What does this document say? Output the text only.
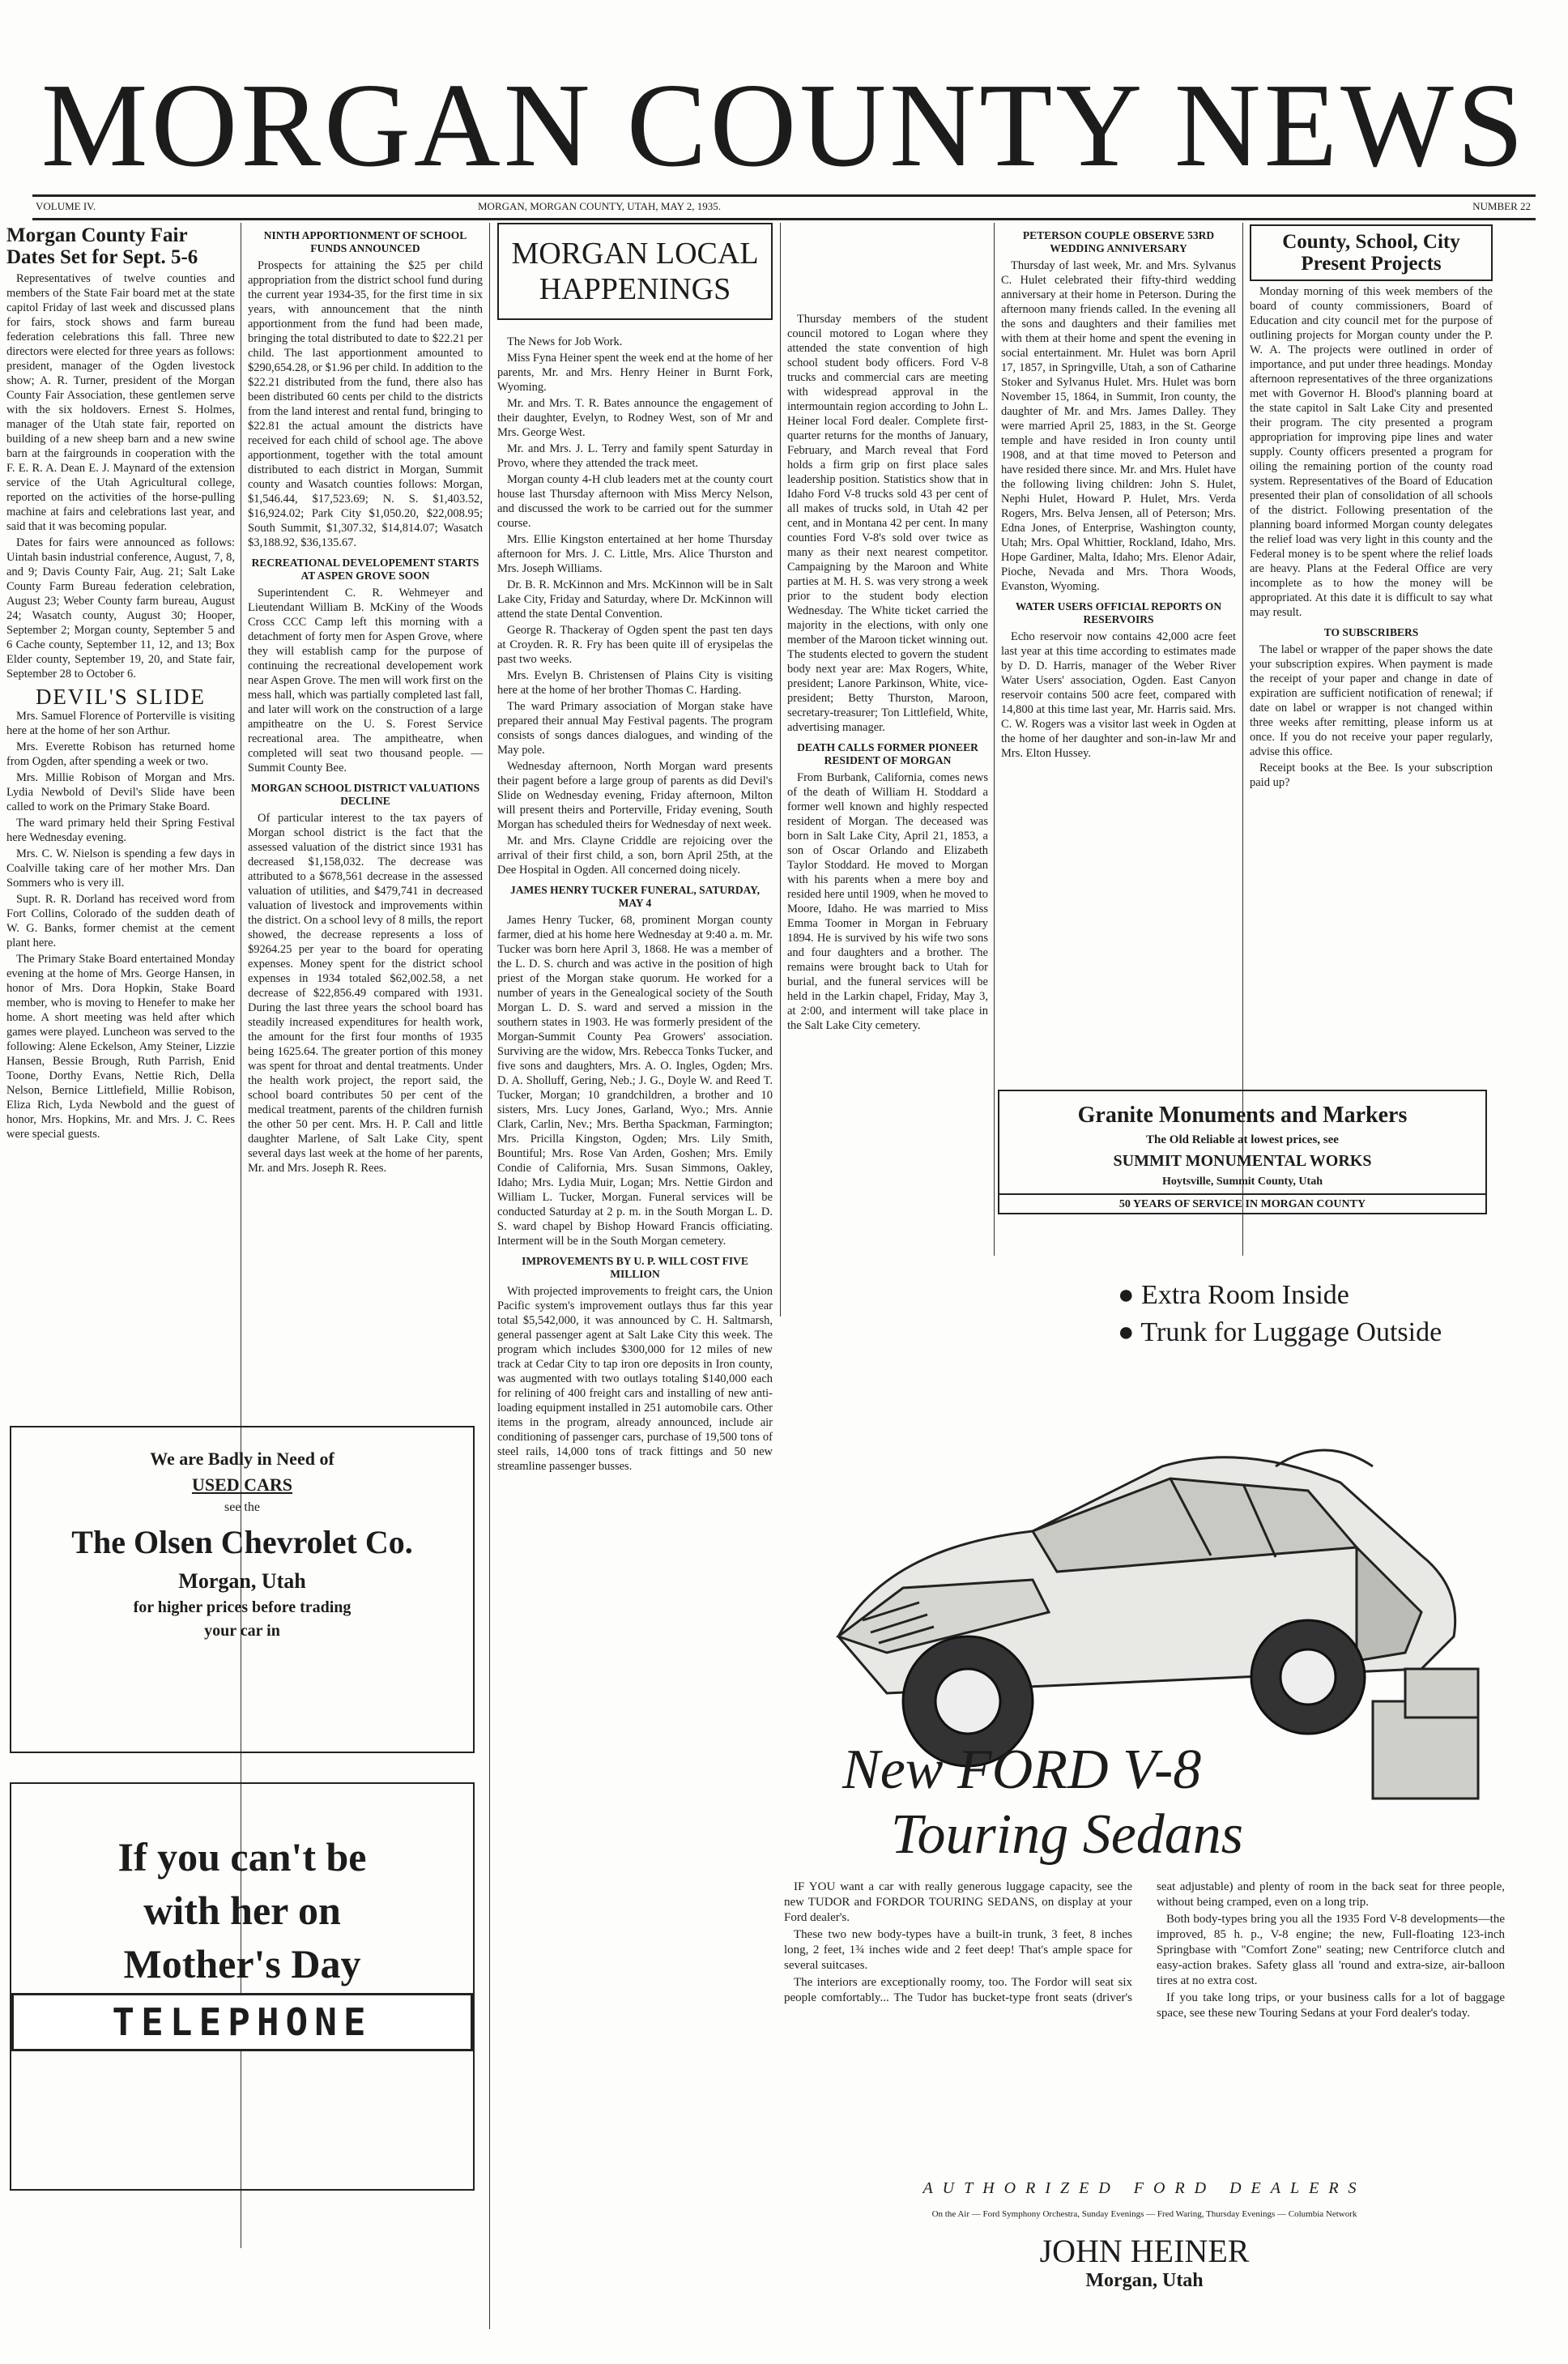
MORGAN COUNTY NEWS
VOLUME IV.	MORGAN, MORGAN COUNTY, UTAH, MAY 2, 1935.	NUMBER 22
Morgan County Fair Dates Set for Sept. 5-6

Representatives of twelve counties and members of the State Fair board met at the state capitol Friday of last week and discussed plans for fairs, stock shows and farm bureau federation celebrations this fall. Three new directors were elected for three years as follows: president, manager of the Ogden livestock show; A. R. Turner, president of the Morgan County Fair Association, these gentlemen serve with the six holdovers. Ernest S. Holmes, manager of the Utah state fair, reported on building of a new sheep barn and a new swine barn at the fairgrounds in cooperation with the F. E. R. A. Dean E. J. Maynard of the extension service of the Utah Agricultural college, reported on the activities of the horse-pulling machine at fairs and celebrations last year, and said that it was becoming popular.

Dates for fairs were announced as follows: Uintah basin industrial conference, August, 7, 8, and 9; Davis County Fair, Aug. 21; Salt Lake County Farm Bureau federation celebration, August 23; Weber County farm bureau, August 24; Wasatch county, August 30; Hooper, September 2; Morgan county, September 5 and 6 Cache county, September 11, 12, and 13; Box Elder county, September 19, 20, and State fair, September 28 to October 6.

DEVIL'S SLIDE

Mrs. Samuel Florence of Porterville is visiting here at the home of her son Arthur.

Mrs. Everette Robison has returned home from Ogden, after spending a week or two.

Mrs. Millie Robison of Morgan and Mrs. Lydia Newbold of Devil's Slide have been called to work on the Primary Stake Board.

The ward primary held their Spring Festival here Wednesday evening.

Mrs. C. W. Nielson is spending a few days in Coalville taking care of her mother Mrs. Dan Sommers who is very ill.

Supt. R. R. Dorland has received word from Fort Collins, Colorado of the sudden death of W. G. Banks, former chemist at the cement plant here.

The Primary Stake Board entertained Monday evening at the home of Mrs. George Hansen, in honor of Mrs. Dora Hopkin, Stake Board member, who is moving to Henefer to make her home. A short meeting was held after which games were played. Luncheon was served to the following: Alene Eckelson, Amy Steiner, Lizzie Hansen, Bessie Brough, Ruth Parrish, Enid Toone, Dorthy Evans, Nettie Rich, Della Nelson, Bernice Littlefield, Millie Robison, Eliza Rich, Lyda Newbold and the guest of honor, Mrs. Hopkins, Mr. and Mrs. J. C. Rees were special guests.

We are Badly in Need of
USED CARS
see the
The Olsen Chevrolet Co.
Morgan, Utah
for higher prices before trading
your car in
If you can't be
with her on
Mother's Day
TELEPHONE
NINTH APPORTIONMENT OF SCHOOL FUNDS ANNOUNCED

Prospects for attaining the $25 per child appropriation from the district school fund during the current year 1934-35, for the first time in six years, with announcement that the ninth apportionment from the fund had been made, bringing the total distributed to date to $22.21 per child. The last apportionment amounted to $290,654.28, or $1.96 per child. In addition to the $22.21 distributed from the fund, there also has been distributed 60 cents per child to the districts from the land interest and rental fund, bringing to $22.81 the actual amount the districts have received for each child of school age. The above apportionment, together with the total amount distributed to each district in Morgan, Summit county and Wasatch counties follows: Morgan, $1,546.44, $17,523.69; N. S. $1,403.52, $16,924.02; Park City $1,050.20, $22,008.95; South Summit, $1,307.32, $14,814.07; Wasatch $3,188.92, $36,135.67.

RECREATIONAL DEVELOPEMENT STARTS AT ASPEN GROVE SOON

Superintendent C. R. Wehmeyer and Lieutendant William B. McKiny of the Woods Cross CCC Camp left this morning with a detachment of forty men for Aspen Grove, where they will establish camp for the purpose of continuing the recreational developement work near Aspen Grove. The men will work first on the mess hall, which was partially completed last fall, and later will work on the construction of a large ampitheatre on the U. S. Forest Service recreational area. The ampitheatre, when completed will seat two thousand people. —Summit County Bee.

MORGAN SCHOOL DISTRICT VALUATIONS DECLINE

Of particular interest to the tax payers of Morgan school district is the fact that the assessed valuation of the district since 1931 has decreased $1,158,032. The decrease was attributed to a $678,561 decrease in the assessed valuation of utilities, and $479,741 in decreased valuation of livestock and improvements within the district. On a school levy of 8 mills, the report showed, the decrease represents a loss of $9264.25 per year to the board for operating expenses. Money spent for the district school expenses in 1934 totaled $62,002.58, a net decrease of $22,856.49 compared with 1931. During the last three years the school board has steadily increased expenditures for health work, the amount for the first four months of 1935 being 1625.64. The greater portion of this money was spent for throat and dental treatments. Under the health work project, the report said, the school board contributes 50 per cent of the medical treatment, parents of the children furnish the other 50 per cent. Mrs. H. P. Call and little daughter Marlene, of Salt Lake City, spent several days last week at the home of her parents, Mr. and Mrs. Joseph R. Rees.

MORGAN LOCAL HAPPENINGS

The News for Job Work.

Miss Fyna Heiner spent the week end at the home of her parents, Mr. and Mrs. Henry Heiner in Burnt Fork, Wyoming.

Mr. and Mrs. T. R. Bates announce the engagement of their daughter, Evelyn, to Rodney West, son of Mr and Mrs. George West.

Mr. and Mrs. J. L. Terry and family spent Saturday in Provo, where they attended the track meet.

Morgan county 4-H club leaders met at the county court house last Thursday afternoon with Miss Mercy Nelson, and discussed the work to be carried out for the summer course.

Mrs. Ellie Kingston entertained at her home Thursday afternoon for Mrs. J. C. Little, Mrs. Alice Thurston and Mrs. Joseph Williams.

Dr. B. R. McKinnon and Mrs. McKinnon will be in Salt Lake City, Friday and Saturday, where Dr. McKinnon will attend the state Dental Convention.

George R. Thackeray of Ogden spent the past ten days at Croyden. R. R. Fry has been quite ill of erysipelas the past two weeks.

Mrs. Evelyn B. Christensen of Plains City is visiting here at the home of her brother Thomas C. Harding.

The ward Primary association of Morgan stake have prepared their annual May Festival pagents. The program consists of songs dances dialogues, and winding of the May pole.

Wednesday afternoon, North Morgan ward presents their pagent before a large group of parents as did Devil's Slide on Wednesday evening, Friday afternoon, Milton will present theirs and Porterville, Friday evening, South Morgan has scheduled theirs for Wednesday of next week.

Mr. and Mrs. Clayne Criddle are rejoicing over the arrival of their first child, a son, born April 25th, at the Dee Hospital in Ogden. All concerned doing nicely.

JAMES HENRY TUCKER FUNERAL, SATURDAY, MAY 4

James Henry Tucker, 68, prominent Morgan county farmer, died at his home here Wednesday at 9:40 a. m. Mr. Tucker was born here April 3, 1868. He was a member of the L. D. S. church and was active in the position of high priest of the Morgan stake quorum. He worked for a number of years in the Genealogical society of the South Morgan L. D. S. ward and served a mission in the southern states in 1903. He was formerly president of the Morgan-Summit County Pea Growers' association. Surviving are the widow, Mrs. Rebecca Tonks Tucker, and five sons and daughters, Mrs. A. O. Ingles, Ogden; Mrs. D. A. Sholluff, Gering, Neb.; J. G., Doyle W. and Reed T. Tucker, Morgan; 10 grandchildren, a brother and 10 sisters, Mrs. Lucy Jones, Garland, Wyo.; Mrs. Annie Clark, Carlin, Nev.; Mrs. Bertha Spackman, Farmington; Mrs. Pricilla Kingston, Ogden; Mrs. Lily Smith, Bountiful; Mrs. Rose Van Arden, Goshen; Mrs. Emily Condie of California, Mrs. Susan Simmons, Oakley, Idaho; Mrs. Lydia Muir, Logan; Mrs. Nettie Girdon and William L. Tucker, Morgan. Funeral services will be conducted Saturday at 2 p. m. in the South Morgan L. D. S. ward chapel by Bishop Howard Francis officiating. Interment will be in the South Morgan cemetery.

IMPROVEMENTS BY U. P. WILL COST FIVE MILLION

With projected improvements to freight cars, the Union Pacific system's improvement outlays thus far this year total $5,542,000, it was announced by C. H. Saltmarsh, general passenger agent at Salt Lake City this week. The program which includes $300,000 for 12 miles of new track at Cedar City to tap iron ore deposits in Iron county, was augmented with two outlays totaling $140,000 each for relining of 400 freight cars and installing of new anti-loading equipment installed in 251 automobile cars. Other items in the program, already announced, include air conditioning of passenger cars, purchase of 19,500 tons of steel rails, 14,000 tons of track fittings and 50 new streamline passenger busses.

Thursday members of the student council motored to Logan where they attended the state convention of high school student body officers. Ford V-8 trucks and commercial cars are meeting with widespread approval in the intermountain region according to John L. Heiner local Ford dealer. Complete first-quarter returns for the months of January, February, and March reveal that Ford holds a firm grip on first place sales leadership position. Statistics show that in Idaho Ford V-8 trucks sold 43 per cent of all makes of trucks sold, in Utah 42 per cent, and in Montana 42 per cent. In many counties Ford V-8's sold over twice as many as their next nearest competitor. Campaigning by the Maroon and White parties at M. H. S. was very strong a week prior to the student body election Wednesday. The White ticket carried the majority in the elections, with only one member of the Maroon ticket winning out. The students elected to govern the student body next year are: Max Rogers, White, president; Lanore Parkinson, White, vice-president; Betty Thurston, Maroon, secretary-treasurer; Ton Littlefield, White, advertising manager.

DEATH CALLS FORMER PIONEER RESIDENT OF MORGAN

From Burbank, California, comes news of the death of William H. Stoddard a former well known and highly respected resident of Morgan. The deceased was born in Salt Lake City, April 21, 1853, a son of Oscar Orlando and Elizabeth Taylor Stoddard. He moved to Morgan with his parents when a mere boy and resided here until 1909, when he moved to Moore, Idaho. He was married to Miss Emma Toomer in Morgan in February 1894. He is survived by his wife two sons and four daughters and a brother. The remains were brought back to Utah for burial, and the funeral services will be held in the Larkin chapel, Friday, May 3, at 2:00, and interment will take place in the Salt Lake City cemetery.

PETERSON COUPLE OBSERVE 53RD WEDDING ANNIVERSARY

Thursday of last week, Mr. and Mrs. Sylvanus C. Hulet celebrated their fifty-third wedding anniversary at their home in Peterson. During the afternoon many friends called. In the evening all the sons and daughters and their families met with them at their home and spent the evening in social entertainment. Mr. Hulet was born April 17, 1857, in Springville, Utah, a son of Catharine Stoker and Sylvanus Hulet. Mrs. Hulet was born November 15, 1864, in Summit, Iron county, the daughter of Mr. and Mrs. James Dalley. They were married April 25, 1883, in the St. George temple and have resided in Iron county until 1908, and at that time moved to Peterson and have resided there since. Mr. and Mrs. Hulet have the following living children: John S. Hulet, Nephi Hulet, Howard P. Hulet, Mrs. Verda Rogers, Mrs. Belva Jensen, all of Peterson; Mrs. Edna Jones, of Enterprise, Washington county, Utah; Mrs. Opal Whittier, Rockland, Idaho, Mrs. Hope Gardiner, Malta, Idaho; Mrs. Elenor Adair, Pioche, Nevada and Mrs. Thora Woods, Evanston, Wyoming.

WATER USERS OFFICIAL REPORTS ON RESERVOIRS

Echo reservoir now contains 42,000 acre feet last year at this time according to estimates made by D. D. Harris, manager of the Weber River Water Users' association, Ogden. East Canyon reservoir contains 500 acre feet, compared with 14,800 at this time last year, Mr. Harris said. Mrs. C. W. Rogers was a visitor last week in Ogden at the home of her daughter and son-in-law Mr and Mrs. Elton Hussey.

County, School, City Present Projects

Monday morning of this week members of the board of county commissioners, Board of Education and city council met for the purpose of outlining projects for Morgan county under the P. W. A. The projects were outlined in order of importance, and put under three headings. Monday afternoon representatives of the three organizations met with Governor H. Blood's planning board at the state capitol in Salt Lake City and presented their program. The city presented a program appropriation for improving pipe lines and water supply. County officers presented a program for oiling the remaining portion of the county road system. Representatives of the Board of Education presented their plan of consolidation of all schools of the district. Following presentation of the planning board informed Morgan county delegates the relief load was very light in this county and the Federal money is to be spent where the relief loads are heavy. Plans at the Federal Office are very incomplete as to how the money will be appropriated. At this date it is difficult to say what may result.

TO SUBSCRIBERS

The label or wrapper of the paper shows the date your subscription expires. When payment is made the receipt of your paper and change in date of expiration are sufficient notification of renewal; if date on label or wrapper is not changed within three weeks after remitting, please inform us at once. If you do not receive your paper regularly, advise this office.

Receipt books at the Bee. Is your subscription paid up?

Granite Monuments and Markers
The Old Reliable at lowest prices, see
SUMMIT MONUMENTAL WORKS
Hoytsville, Summit County, Utah
50 YEARS OF SERVICE IN MORGAN COUNTY
● Extra Room Inside
● Trunk for Luggage Outside
New FORD V-8
Touring Sedans

IF YOU want a car with really generous luggage capacity, see the new TUDOR and FORDOR TOURING SEDANS, on display at your Ford dealer's.

These two new body-types have a built-in trunk, 3 feet, 8 inches long, 2 feet, 1¾ inches wide and 2 feet deep! That's ample space for several suitcases.

The interiors are exceptionally roomy, too. The Fordor will seat six people comfortably... The Tudor has bucket-type front seats (driver's seat adjustable) and plenty of room in the back seat for three people, without being cramped, even on a long trip.

Both body-types bring you all the 1935 Ford V-8 developments—the improved, 85 h. p., V-8 engine; the new, Full-floating 123-inch Springbase with "Comfort Zone" seating; new Centriforce clutch and easy-action brakes. Safety glass all 'round and extra-size, air-balloon tires at no extra cost.

If you take long trips, or your business calls for a lot of baggage space, see these new Touring Sedans at your Ford dealer's today.

AUTHORIZED FORD DEALERS
On the Air — Ford Symphony Orchestra, Sunday Evenings — Fred Waring, Thursday Evenings — Columbia Network
JOHN HEINER
Morgan, Utah
